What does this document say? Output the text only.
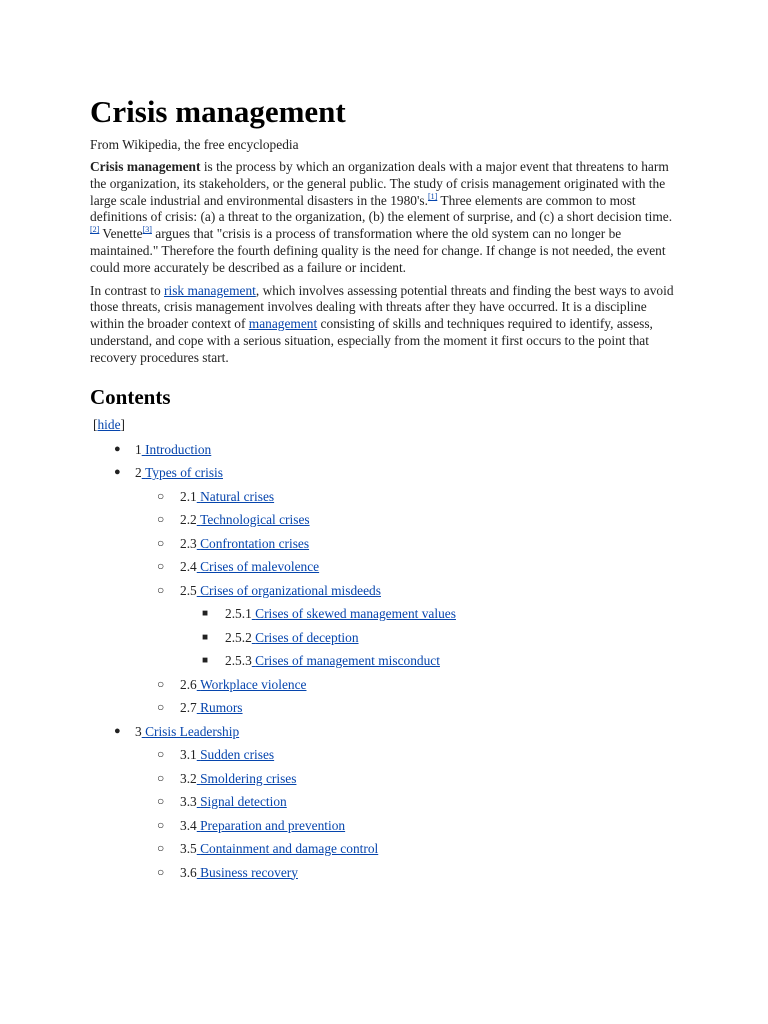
Crisis management
From Wikipedia, the free encyclopedia

Crisis management is the process by which an organization deals with a major event that threatens to harm the organization, its stakeholders, or the general public. The study of crisis management originated with the large scale industrial and environmental disasters in the 1980's.[1] Three elements are common to most definitions of crisis: (a) a threat to the organization, (b) the element of surprise, and (c) a short decision time.[2] Venette[3] argues that "crisis is a process of transformation where the old system can no longer be maintained." Therefore the fourth defining quality is the need for change. If change is not needed, the event could more accurately be described as a failure or incident.

In contrast to risk management, which involves assessing potential threats and finding the best ways to avoid those threats, crisis management involves dealing with threats after they have occurred. It is a discipline within the broader context of management consisting of skills and techniques required to identify, assess, understand, and cope with a serious situation, especially from the moment it first occurs to the point that recovery procedures start.

Contents
[hide]
● 1 Introduction
● 2 Types of crisis
○ 2.1 Natural crises
○ 2.2 Technological crises
○ 2.3 Confrontation crises
○ 2.4 Crises of malevolence
○ 2.5 Crises of organizational misdeeds
■ 2.5.1 Crises of skewed management values
■ 2.5.2 Crises of deception
■ 2.5.3 Crises of management misconduct
○ 2.6 Workplace violence
○ 2.7 Rumors
● 3 Crisis Leadership
○ 3.1 Sudden crises
○ 3.2 Smoldering crises
○ 3.3 Signal detection
○ 3.4 Preparation and prevention
○ 3.5 Containment and damage control
○ 3.6 Business recovery
